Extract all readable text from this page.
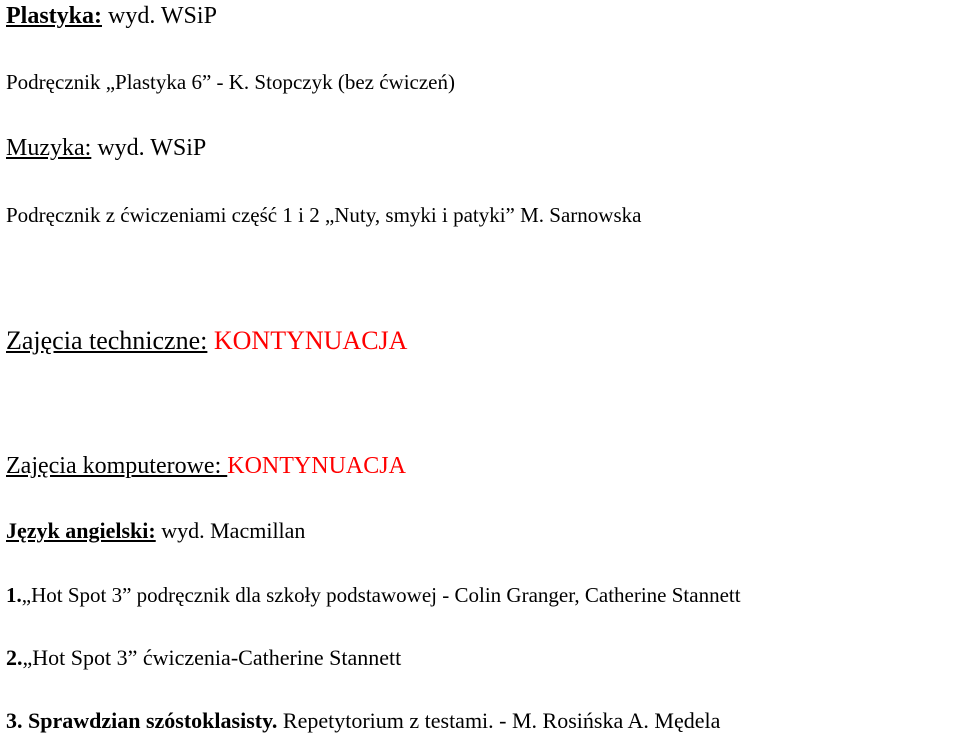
Plastyka: wyd. WSiP
Podręcznik „Plastyka 6” - K. Stopczyk (bez ćwiczeń)
Muzyka: wyd. WSiP
Podręcznik z ćwiczeniami część 1 i 2 „Nuty, smyki i patyki” M. Sarnowska
Zajęcia techniczne: KONTYNUACJA
Zajęcia komputerowe: KONTYNUACJA
Język angielski: wyd. Macmillan
1.„Hot Spot 3” podręcznik dla szkoły podstawowej - Colin Granger, Catherine Stannett
2.„Hot Spot 3” ćwiczenia-Catherine Stannett
3. Sprawdzian szóstoklasisty. Repetytorium z testami. - M. Rosińska A. Mędela
